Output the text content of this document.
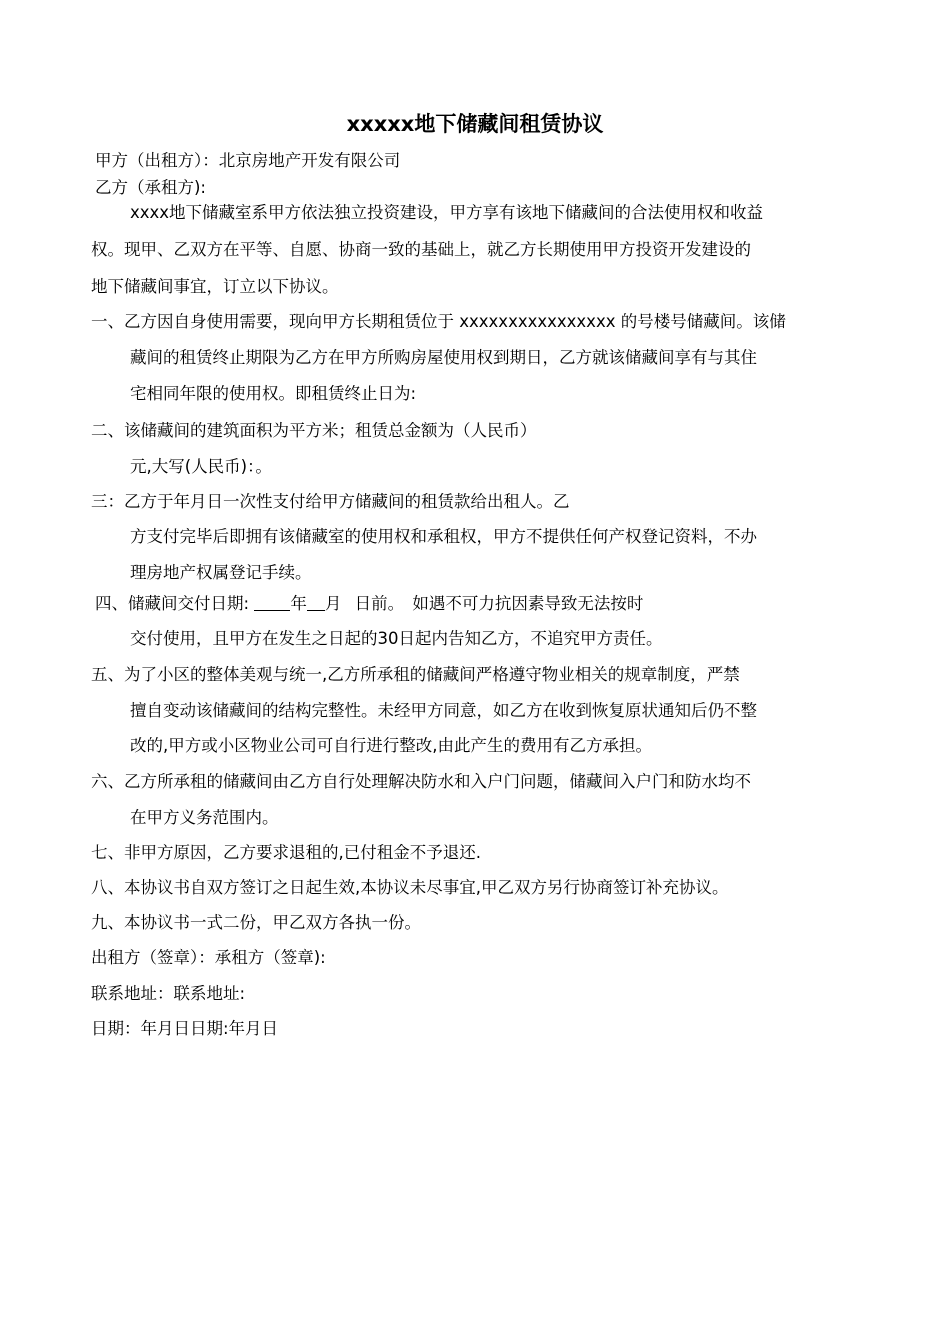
xxxxx地下储藏间租赁协议
甲方（出租方）：北京房地产开发有限公司
乙方（承租方):
xxxx地下储藏室系甲方依法独立投资建设，甲方享有该地下储藏间的合法使用权和收益
权。现甲、乙双方在平等、自愿、协商一致的基础上，就乙方长期使用甲方投资开发建设的
地下储藏间事宜，订立以下协议。
一、乙方因自身使用需要，现向甲方长期租赁位于 xxxxxxxxxxxxxxxx 的号楼号储藏间。该储
藏间的租赁终止期限为乙方在甲方所购房屋使用权到期日，乙方就该储藏间享有与其住
宅相同年限的使用权。即租赁终止日为:
二、该储藏间的建筑面积为平方米；租赁总金额为（人民币）
元,大写(人民币)：。
三：乙方于年月日一次性支付给甲方储藏间的租赁款给出租人。乙
方支付完毕后即拥有该储藏室的使用权和承租权，甲方不提供任何产权登记资料，不办
理房地产权属登记手续。
四、储藏间交付日期:	年 月 日前。　如遇不可力抗因素导致无法按时
交付使用，且甲方在发生之日起的30日起内告知乙方，不追究甲方责任。
五、为了小区的整体美观与统一,乙方所承租的储藏间严格遵守物业相关的规章制度，严禁
擅自变动该储藏间的结构完整性。未经甲方同意，如乙方在收到恢复原状通知后仍不整
改的,甲方或小区物业公司可自行进行整改,由此产生的费用有乙方承担。
六、乙方所承租的储藏间由乙方自行处理解决防水和入户门问题，储藏间入户门和防水均不
在甲方义务范围内。
七、非甲方原因，乙方要求退租的,已付租金不予退还.
八、本协议书自双方签订之日起生效,本协议未尽事宜,甲乙双方另行协商签订补充协议。
九、本协议书一式二份，甲乙双方各执一份。
出租方（签章）：承租方（签章):
联系地址：联系地址:
日期：年月日日期:年月日
